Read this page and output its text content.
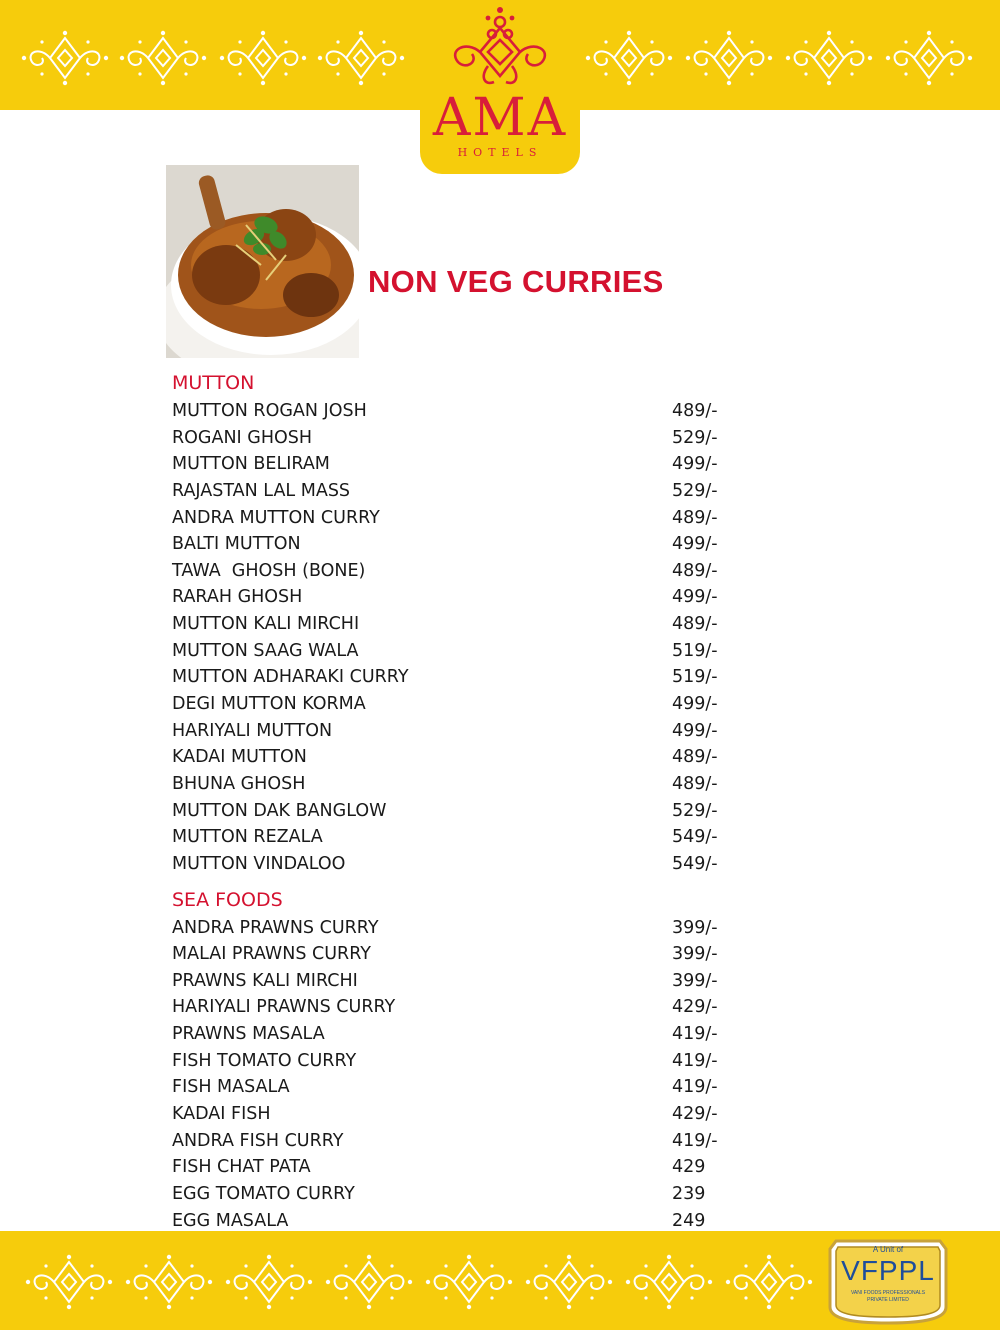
AMA
HOTELS
NON VEG CURRIES
MUTTON
MUTTON ROGAN JOSH	489/-
ROGANI GHOSH	529/-
MUTTON BELIRAM	499/-
RAJASTAN LAL MASS	529/-
ANDRA MUTTON CURRY	489/-
BALTI MUTTON	499/-
TAWA  GHOSH (BONE)	489/-
RARAH GHOSH	499/-
MUTTON KALI MIRCHI	489/-
MUTTON SAAG WALA	519/-
MUTTON ADHARAKI CURRY	519/-
DEGI MUTTON KORMA	499/-
HARIYALI MUTTON	499/-
KADAI MUTTON	489/-
BHUNA GHOSH	489/-
MUTTON DAK BANGLOW	529/-
MUTTON REZALA	549/-
MUTTON VINDALOO	549/-
SEA FOODS
ANDRA PRAWNS CURRY	399/-
MALAI PRAWNS CURRY	399/-
PRAWNS KALI MIRCHI	399/-
HARIYALI PRAWNS CURRY	429/-
PRAWNS MASALA	419/-
FISH TOMATO CURRY	419/-
FISH MASALA	419/-
KADAI FISH	429/-
ANDRA FISH CURRY	419/-
FISH CHAT PATA	429
EGG TOMATO CURRY	239
EGG MASALA	249
A Unit of
VFPPL
VANI FOODS PROFESSIONALS
PRIVATE LIMITED
